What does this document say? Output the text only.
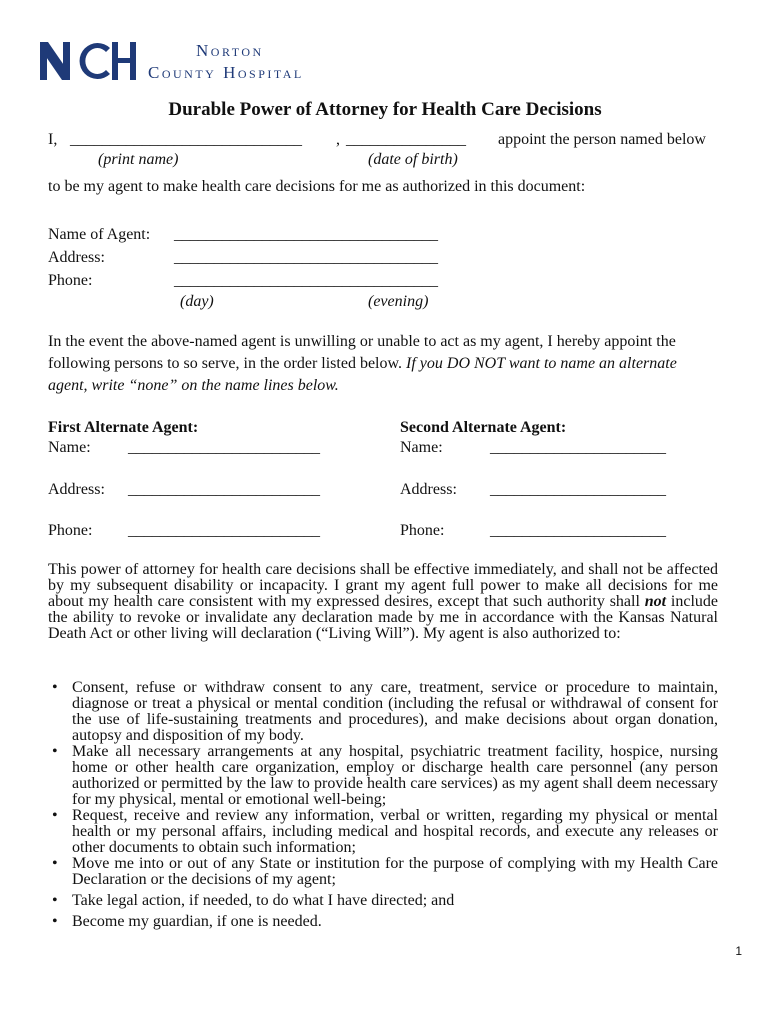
Norton
County Hospital
Durable Power of Attorney for Health Care Decisions
I, _____________________________ , _______________ appoint the person named below
(print name)	(date of birth)
to be my agent to make health care decisions for me as authorized in this document:
Name of Agent: _________________________________
Address:	_________________________________
Phone:	_________________________________
(day)	(evening)
In the event the above-named agent is unwilling or unable to act as my agent, I hereby appoint the following persons to so serve, in the order listed below. If you DO NOT want to name an alternate agent, write “none” on the name lines below.
First Alternate Agent:	Second Alternate Agent:
Name: ________________________	Name:	______________________
Address: ________________________	Address: ______________________
Phone: ________________________	Phone:	______________________
This power of attorney for health care decisions shall be effective immediately, and shall not be affected by my subsequent disability or incapacity. I grant my agent full power to make all decisions for me about my health care consistent with my expressed desires, except that such authority shall not include the ability to revoke or invalidate any declaration made by me in accordance with the Kansas Natural Death Act or other living will declaration (“Living Will”). My agent is also authorized to:
• Consent, refuse or withdraw consent to any care, treatment, service or procedure to maintain, diagnose or treat a physical or mental condition (including the refusal or withdrawal of consent for the use of life-sustaining treatments and procedures), and make decisions about organ donation, autopsy and disposition of my body.
• Make all necessary arrangements at any hospital, psychiatric treatment facility, hospice, nursing home or other health care organization, employ or discharge health care personnel (any person authorized or permitted by the law to provide health care services) as my agent shall deem necessary for my physical, mental or emotional well-being;
• Request, receive and review any information, verbal or written, regarding my physical or mental health or my personal affairs, including medical and hospital records, and execute any releases or other documents to obtain such information;
• Move me into or out of any State or institution for the purpose of complying with my Health Care Declaration or the decisions of my agent;
• Take legal action, if needed, to do what I have directed; and
• Become my guardian, if one is needed.
1
